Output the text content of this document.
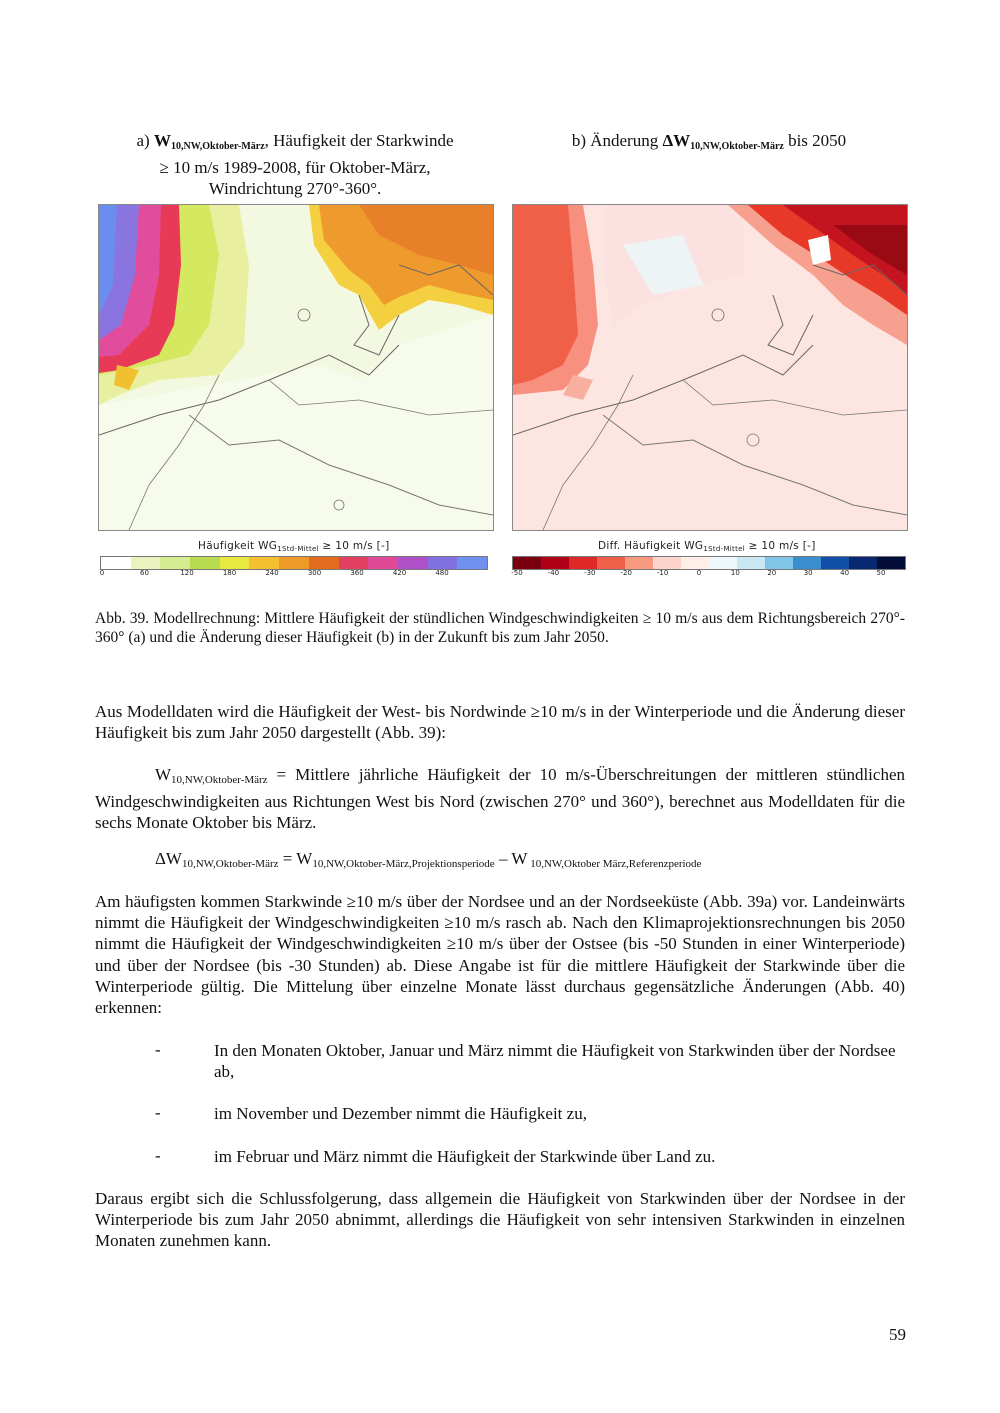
a) $W_{10,NW,Oktober-März}$, Häufigkeit der Starkwinde
≥ 10 m/s 1989-2008, für Oktober-März,
Windrichtung 270°-360°.
b) Änderung $\Delta W_{10,NW,Oktober-März}$ bis 2050
Häufigkeit $WG_{1Std-Mittel} \ge 10$ m/s [-]
0	60	120	180	240	300	360	420	480
Diff. Häufigkeit $WG_{1Std-Mittel} \ge 10$ m/s [-]
-50	-40	-30	-20	-10	0	10	20	30	40	50
Abb. 39. Modellrechnung: Mittlere Häufigkeit der stündlichen Windgeschwindigkeiten ≥ 10 m/s aus dem Richtungsbereich 270°- 360° (a) und die Änderung dieser Häufigkeit (b) in der Zukunft bis zum Jahr 2050.
Aus Modelldaten wird die Häufigkeit der West- bis Nordwinde ≥10 m/s in der Winterperiode und die Änderung dieser Häufigkeit bis zum Jahr 2050 dargestellt (Abb. 39):
W10,NW,Oktober-März = Mittlere jährliche Häufigkeit der 10 m/s-Überschreitungen der mittleren stündlichen Windgeschwindigkeiten aus Richtungen West bis Nord (zwischen 270° und 360°), berechnet aus Modelldaten für die sechs Monate Oktober bis März.
ΔW10,NW,Oktober-März = W10,NW,Oktober-März,Projektionsperiode – W 10,NW,Oktober März,Referenzperiode
Am häufigsten kommen Starkwinde ≥10 m/s über der Nordsee und an der Nordseeküste (Abb. 39a) vor. Landeinwärts nimmt die Häufigkeit der Windgeschwindigkeiten ≥10 m/s rasch ab. Nach den Klimaprojektionsrechnungen bis 2050 nimmt die Häufigkeit der Windgeschwindigkeiten ≥10 m/s über der Ostsee (bis -50 Stunden in einer Winterperiode) und über der Nordsee (bis -30 Stunden) ab. Diese Angabe ist für die mittlere Häufigkeit der Starkwinde über die Winterperiode gültig. Die Mittelung über einzelne Monate lässt durchaus gegensätzliche Änderungen (Abb. 40) erkennen:
-	In den Monaten Oktober, Januar und März nimmt die Häufigkeit von Starkwinden über der Nordsee ab,
-	im November und Dezember nimmt die Häufigkeit zu,
-	im Februar und März nimmt die Häufigkeit der Starkwinde über Land zu.
Daraus ergibt sich die Schlussfolgerung, dass allgemein die Häufigkeit von Starkwinden über der Nordsee in der Winterperiode bis zum Jahr 2050 abnimmt, allerdings die Häufigkeit von sehr intensiven Starkwinden in einzelnen Monaten zunehmen kann.
59
